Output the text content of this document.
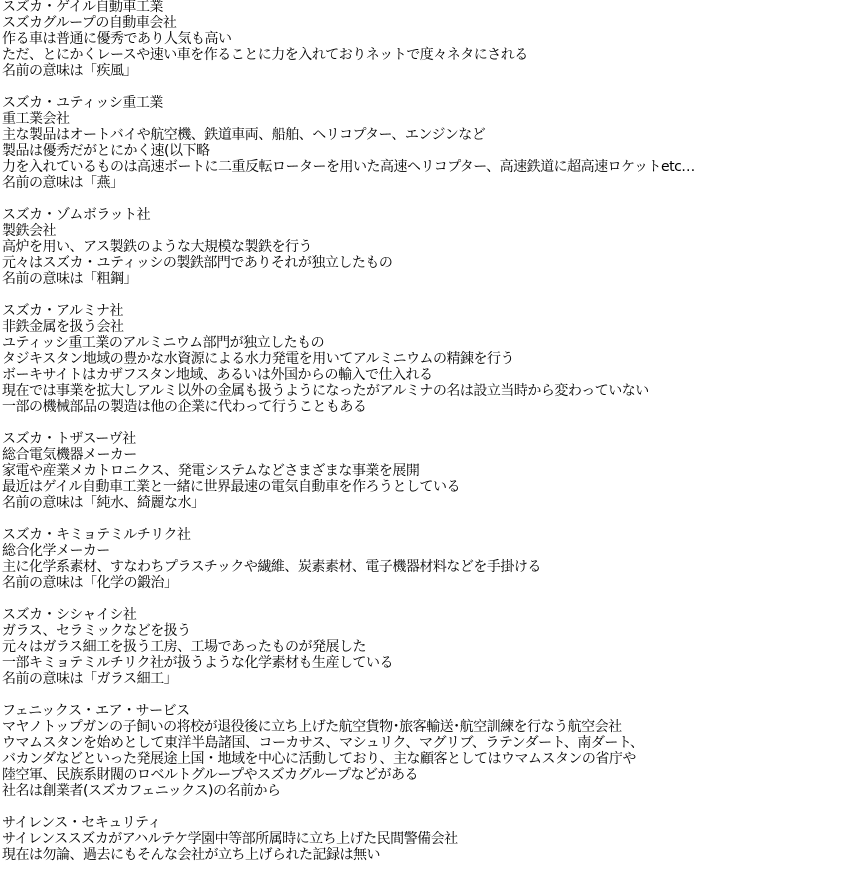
スズカ・ゲイル自動車工業
スズカグループの自動車会社
作る車は普通に優秀であり人気も高い
ただ、とにかくレースや速い車を作ることに力を入れておりネットで度々ネタにされる
名前の意味は「疾風」
スズカ・ユティッシ重工業
重工業会社
主な製品はオートバイや航空機、鉄道車両、船舶、ヘリコプター、エンジンなど
製品は優秀だがとにかく速(以下略
力を入れているものは高速ボートに二重反転ローターを用いた高速ヘリコプター、高速鉄道に超高速ロケットetc…
名前の意味は「燕」
スズカ・ゾムボラット社
製鉄会社
高炉を用い、アス製鉄のような大規模な製鉄を行う
元々はスズカ・ユティッシの製鉄部門でありそれが独立したもの
名前の意味は「粗鋼」
スズカ・アルミナ社
非鉄金属を扱う会社
ユティッシ重工業のアルミニウム部門が独立したもの
タジキスタン地域の豊かな水資源による水力発電を用いてアルミニウムの精錬を行う
ボーキサイトはカザフスタン地域、あるいは外国からの輸入で仕入れる
現在では事業を拡大しアルミ以外の金属も扱うようになったがアルミナの名は設立当時から変わっていない
一部の機械部品の製造は他の企業に代わって行うこともある
スズカ・トザスーヴ社
総合電気機器メーカー
家電や産業メカトロニクス、発電システムなどさまざまな事業を展開
最近はゲイル自動車工業と一緒に世界最速の電気自動車を作ろうとしている
名前の意味は「純水、綺麗な水」
スズカ・キミョテミルチリク社
総合化学メーカー
主に化学系素材、すなわちプラスチックや繊維、炭素素材、電子機器材料などを手掛ける
名前の意味は「化学の鍛治」
スズカ・シシャイシ社
ガラス、セラミックなどを扱う
元々はガラス細工を扱う工房、工場であったものが発展した
一部キミョテミルチリク社が扱うような化学素材も生産している
名前の意味は「ガラス細工」
フェニックス・エア・サービス
マヤノトップガンの子飼いの将校が退役後に立ち上げた航空貨物･旅客輸送･航空訓練を行なう航空会社
ウマムスタンを始めとして東洋半島諸国、コーカサス、マシュリク、マグリブ、ラテンダート、南ダート、
バカンダなどといった発展途上国・地域を中心に活動しており、主な顧客としてはウマムスタンの省庁や
陸空軍、民族系財閥のロベルトグループやスズカグループなどがある
社名は創業者(スズカフェニックス)の名前から
サイレンス・セキュリティ
サイレンススズカがアハルテケ学園中等部所属時に立ち上げた民間警備会社
現在は勿論、過去にもそんな会社が立ち上げられた記録は無い
